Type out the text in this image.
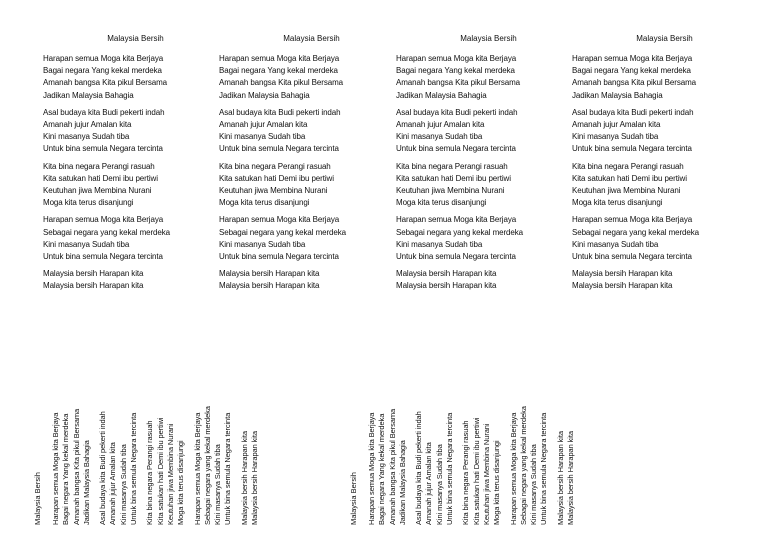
Malaysia Bersih
Harapan semua Moga kita Berjaya
Bagai negara Yang kekal merdeka
Amanah bangsa Kita pikul Bersama
Jadikan Malaysia Bahagia
Asal budaya kita Budi pekerti indah
Amanah jujur Amalan kita
Kini masanya Sudah tiba
Untuk bina semula Negara tercinta
Kita bina negara Perangi rasuah
Kita satukan hati Demi ibu pertiwi
Keutuhan jiwa Membina Nurani
Moga kita terus disanjungi
Harapan semua Moga kita Berjaya
Sebagai negara yang kekal merdeka
Kini masanya Sudah tiba
Untuk bina semula Negara tercinta
Malaysia bersih Harapan kita
Malaysia bersih Harapan kita
Malaysia Bersih
Harapan semua Moga kita Berjaya
Bagai negara Yang kekal merdeka
Amanah bangsa Kita pikul Bersama
Jadikan Malaysia Bahagia
Asal budaya kita Budi pekerti indah
Amanah jujur Amalan kita
Kini masanya Sudah tiba
Untuk bina semula Negara tercinta
Kita bina negara Perangi rasuah
Kita satukan hati Demi ibu pertiwi
Keutuhan jiwa Membina Nurani
Moga kita terus disanjungi
Harapan semua Moga kita Berjaya
Sebagai negara yang kekal merdeka
Kini masanya Sudah tiba
Untuk bina semula Negara tercinta
Malaysia bersih Harapan kita
Malaysia bersih Harapan kita
Malaysia Bersih
Harapan semua Moga kita Berjaya
Bagai negara Yang kekal merdeka
Amanah bangsa Kita pikul Bersama
Jadikan Malaysia Bahagia
Asal budaya kita Budi pekerti indah
Amanah jujur Amalan kita
Kini masanya Sudah tiba
Untuk bina semula Negara tercinta
Kita bina negara Perangi rasuah
Kita satukan hati Demi ibu pertiwi
Keutuhan jiwa Membina Nurani
Moga kita terus disanjungi
Harapan semua Moga kita Berjaya
Sebagai negara yang kekal merdeka
Kini masanya Sudah tiba
Untuk bina semula Negara tercinta
Malaysia bersih Harapan kita
Malaysia bersih Harapan kita
Malaysia Bersih
Harapan semua Moga kita Berjaya
Bagai negara Yang kekal merdeka
Amanah bangsa Kita pikul Bersama
Jadikan Malaysia Bahagia
Asal budaya kita Budi pekerti indah
Amanah jujur Amalan kita
Kini masanya Sudah tiba
Untuk bina semula Negara tercinta
Kita bina negara Perangi rasuah
Kita satukan hati Demi ibu pertiwi
Keutuhan jiwa Membina Nurani
Moga kita terus disanjungi
Harapan semua Moga kita Berjaya
Sebagai negara yang kekal merdeka
Kini masanya Sudah tiba
Untuk bina semula Negara tercinta
Malaysia bersih Harapan kita
Malaysia bersih Harapan kita
Malaysia Bersih Harapan semua Moga kita Berjaya Bagai negara Yang kekal merdeka Amanah bangsa Kita pikul Bersama Jadikan Malaysia Bahagia Asal budaya kita Budi pekerti indah Amanah jujur Amalan kita Kini masanya Sudah tiba Untuk bina semula Negara tercinta Kita bina negara Perangi rasuah Kita satukan hati Demi ibu pertiwi Keutuhan jiwa Membina Nurani Moga kita terus disanjungi Harapan semua Moga kita Berjaya Sebagai negara yang kekal merdeka Kini masanya Sudah tiba Untuk bina semula Negara tercinta Malaysia bersih Harapan kita Malaysia bersih Harapan kita	Malaysia Bersih Harapan semua Moga kita Berjaya Bagai negara Yang kekal merdeka Amanah bangsa Kita pikul Bersama Jadikan Malaysia Bahagia Asal budaya kita Budi pekerti indah Amanah jujur Amalan kita Kini masanya Sudah tiba Untuk bina semula Negara tercinta Kita bina negara Perangi rasuah Kita satukan hati Demi ibu pertiwi Keutuhan jiwa Membina Nurani Moga kita terus disanjungi Harapan semua Moga kita Berjaya Sebagai negara yang kekal merdeka Kini masanya Sudah tiba Untuk bina semula Negara tercinta Malaysia bersih Harapan kita Malaysia bersih Harapan kita
